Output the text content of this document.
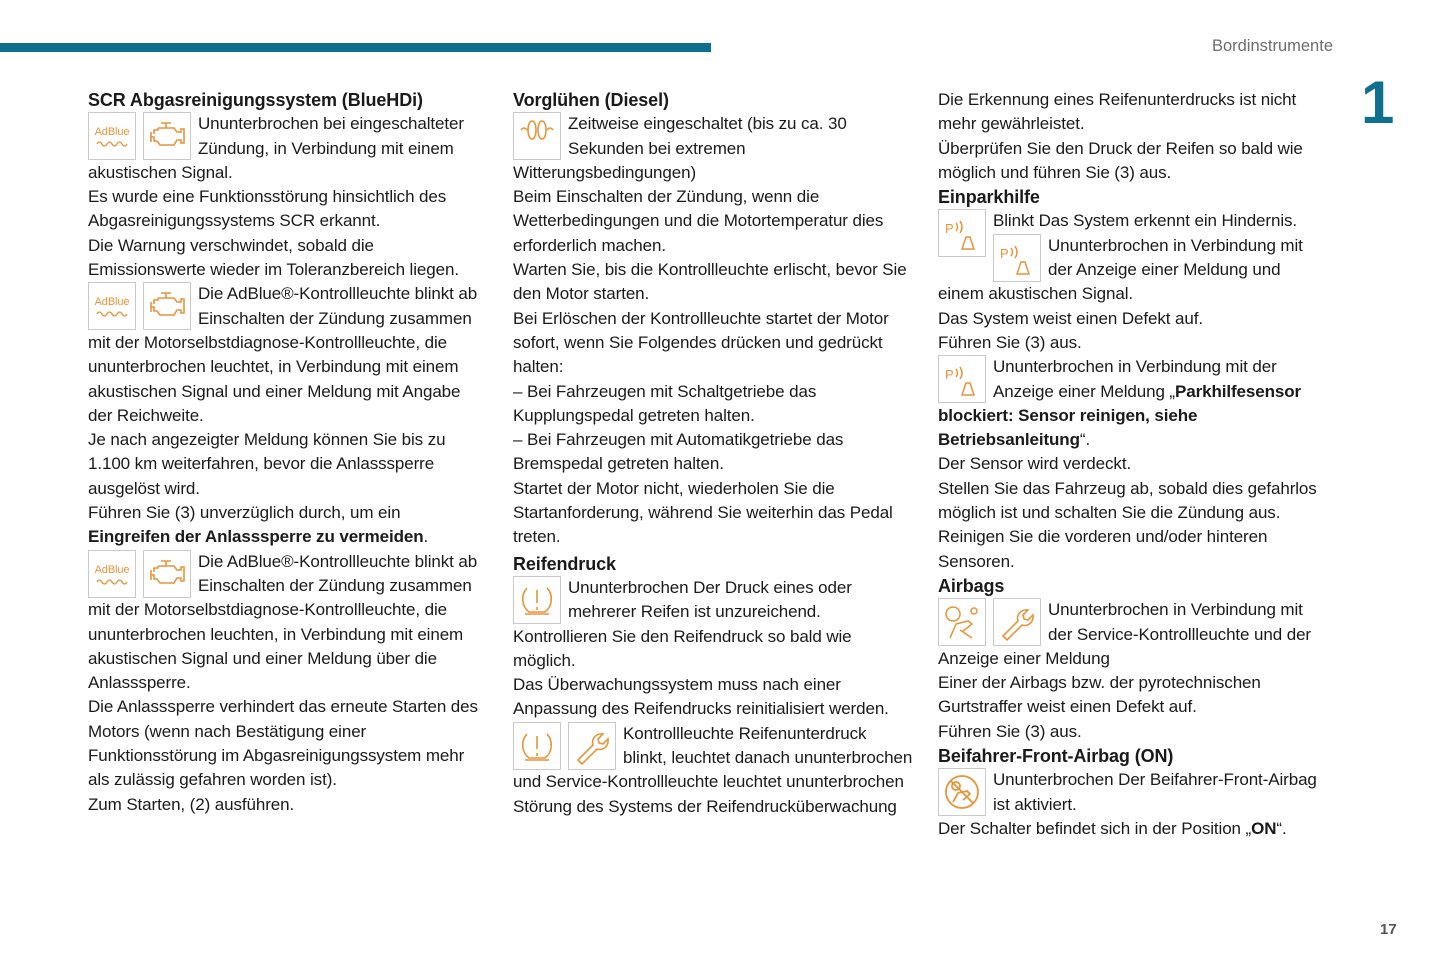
Bordinstrumente
1
SCR Abgasreinigungssystem (BlueHDi)

AdBlue	Ununterbrochen bei eingeschalteter Zündung, in Verbindung mit einem akustischen Signal.

Es wurde eine Funktionsstörung hinsichtlich des Abgasreinigungssystems SCR erkannt.

Die Warnung verschwindet, sobald die Emissionswerte wieder im Toleranzbereich liegen.

AdBlue	Die AdBlue®-Kontrollleuchte blinkt ab Einschalten der Zündung zusammen mit der Motorselbstdiagnose-Kontrollleuchte, die ununterbrochen leuchtet, in Verbindung mit einem akustischen Signal und einer Meldung mit Angabe der Reichweite.

Je nach angezeigter Meldung können Sie bis zu 1.100 km weiterfahren, bevor die Anlasssperre ausgelöst wird.

Führen Sie (3) unverzüglich durch, um ein Eingreifen der Anlasssperre zu vermeiden.

AdBlue	Die AdBlue®-Kontrollleuchte blinkt ab Einschalten der Zündung zusammen mit der Motorselbstdiagnose-Kontrollleuchte, die ununterbrochen leuchten, in Verbindung mit einem akustischen Signal und einer Meldung über die Anlasssperre.

Die Anlasssperre verhindert das erneute Starten des Motors (wenn nach Bestätigung einer Funktionsstörung im Abgasreinigungssystem mehr als zulässig gefahren worden ist).

Zum Starten, (2) ausführen.

Vorglühen (Diesel)

Zeitweise eingeschaltet (bis zu ca. 30 Sekunden bei extremen Witterungsbedingungen)

Beim Einschalten der Zündung, wenn die Wetterbedingungen und die Motortemperatur dies erforderlich machen.

Warten Sie, bis die Kontrollleuchte erlischt, bevor Sie den Motor starten.

Bei Erlöschen der Kontrollleuchte startet der Motor sofort, wenn Sie Folgendes drücken und gedrückt halten:

– Bei Fahrzeugen mit Schaltgetriebe das Kupplungspedal getreten halten.

– Bei Fahrzeugen mit Automatikgetriebe das Bremspedal getreten halten.

Startet der Motor nicht, wiederholen Sie die Startanforderung, während Sie weiterhin das Pedal treten.

Reifendruck

Ununterbrochen Der Druck eines oder mehrerer Reifen ist unzureichend.

Kontrollieren Sie den Reifendruck so bald wie möglich.

Das Überwachungssystem muss nach einer Anpassung des Reifendrucks reinitialisiert werden.

Kontrollleuchte Reifenunterdruck blinkt, leuchtet danach ununterbrochen und Service-Kontrollleuchte leuchtet ununterbrochen

Störung des Systems der Reifendrucküberwachung

Die Erkennung eines Reifenunterdrucks ist nicht mehr gewährleistet.

Überprüfen Sie den Druck der Reifen so bald wie möglich und führen Sie (3) aus.

Einparkhilfe

P Blinkt Das System erkennt ein Hindernis.

P Ununterbrochen in Verbindung mit der Anzeige einer Meldung und einem akustischen Signal.

Das System weist einen Defekt auf.

Führen Sie (3) aus.

P Ununterbrochen in Verbindung mit der Anzeige einer Meldung „Parkhilfesensor blockiert: Sensor reinigen, siehe Betriebsanleitung“.

Der Sensor wird verdeckt.

Stellen Sie das Fahrzeug ab, sobald dies gefahrlos möglich ist und schalten Sie die Zündung aus.

Reinigen Sie die vorderen und/oder hinteren Sensoren.

Airbags

Ununterbrochen in Verbindung mit der Service-Kontrollleuchte und der Anzeige einer Meldung

Einer der Airbags bzw. der pyrotechnischen Gurtstraffer weist einen Defekt auf.

Führen Sie (3) aus.

Beifahrer-Front-Airbag (ON)

Ununterbrochen Der Beifahrer-Front-Airbag ist aktiviert.

Der Schalter befindet sich in der Position „ON“.

17
